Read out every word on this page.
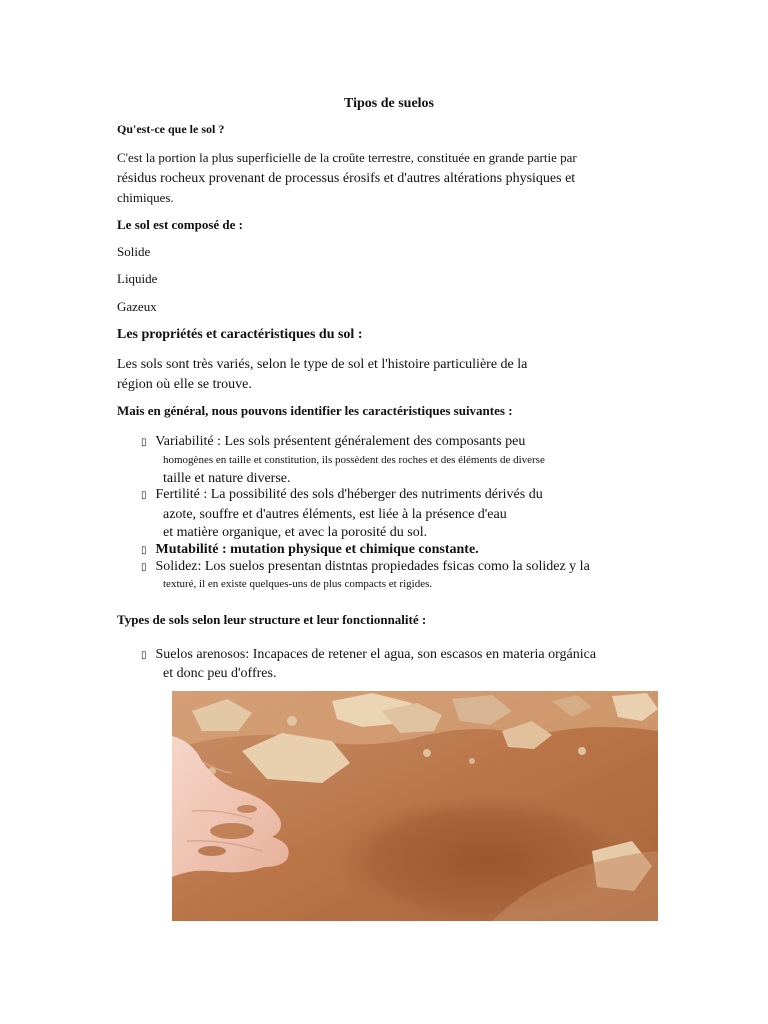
Tipos de suelos
Qu'est-ce que le sol ?
C'est la portion la plus superficielle de la croûte terrestre, constituée en grande partie par
résidus rocheux provenant de processus érosifs et d'autres altérations physiques et
chimiques.
Le sol est composé de :
Solide
Liquide
Gazeux
Les propriétés et caractéristiques du sol :
Les sols sont très variés, selon le type de sol et l'histoire particulière de la
région où elle se trouve.
Mais en général, nous pouvons identifier les caractéristiques suivantes :
▯ Variabilité : Les sols présentent généralement des composants peu
homogènes en taille et constitution, ils possèdent des roches et des éléments de diverse
taille et nature diverse.
▯ Fertilité : La possibilité des sols d'héberger des nutriments dérivés du
azote, souffre et d'autres éléments, est liée à la présence d'eau
et matière organique, et avec la porosité du sol.
▯ Mutabilité : mutation physique et chimique constante.
▯ Solidez: Los suelos presentan distntas propiedades fsicas como la solidez y la
texturé, il en existe quelques-uns de plus compacts et rigides.
Types de sols selon leur structure et leur fonctionnalité :
▯ Suelos arenosos: Incapaces de retener el agua, son escasos en materia orgánica
et donc peu d'offres.
